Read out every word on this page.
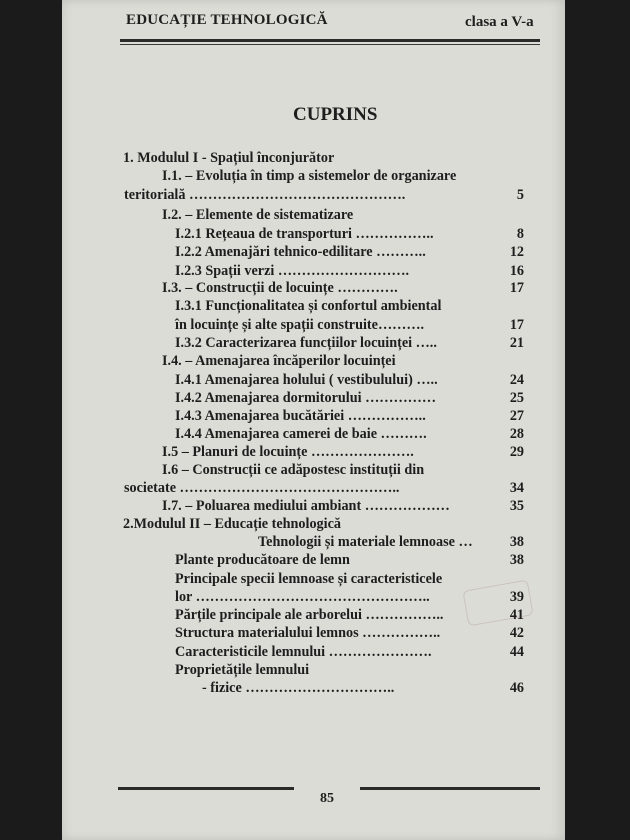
EDUCAȚIE TEHNOLOGICĂ	clasa a V-a
CUPRINS
1. Modulul I - Spațiul înconjurător
I.1. – Evoluția în timp a sistemelor de organizare
teritorială ……………………………………….	5
I.2. – Elemente de sistematizare
I.2.1 Rețeaua de transporturi ……………..	8
I.2.2 Amenajări tehnico-edilitare ………..	12
I.2.3 Spații verzi ……………………….	16
I.3. – Construcții de locuințe ………….	17
I.3.1 Funcționalitatea și confortul ambiental
în locuințe și alte spații construite……….	17
I.3.2 Caracterizarea funcțiilor locuinței …..	21
I.4. – Amenajarea încăperilor locuinței
I.4.1 Amenajarea holului ( vestibulului) …..	24
I.4.2 Amenajarea dormitorului ……………	25
I.4.3 Amenajarea bucătăriei ……………..	27
I.4.4 Amenajarea camerei de baie ……….	28
I.5 – Planuri de locuințe ………………….	29
I.6 – Construcții ce adăpostesc instituții din
societate ………………………………………..	34
I.7. – Poluarea mediului ambiant ………………	35
2.Modulul II – Educație tehnologică
Tehnologii și materiale lemnoase …	38
Plante producătoare de lemn	38
Principale specii lemnoase și caracteristicele
lor …………………………………………..	39
Părțile principale ale arborelui ……………..	41
Structura materialului lemnos ……………..	42
Caracteristicile lemnului ………………….	44
Proprietățile lemnului
- fizice …………………………..	46
85
